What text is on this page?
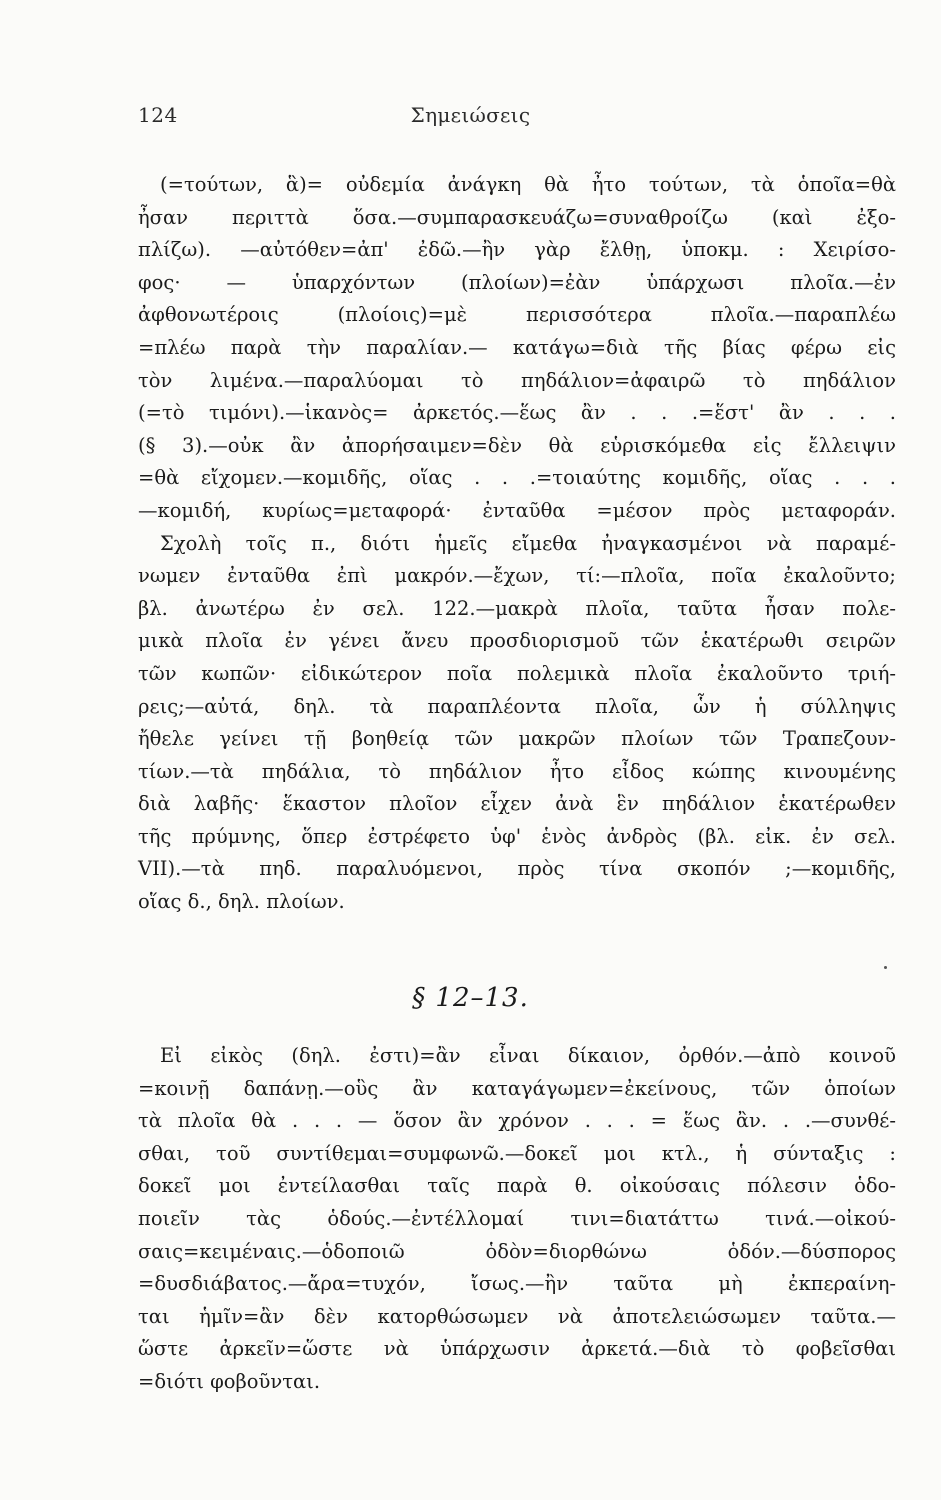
124	Σημειώσεις
(=τούτων, ἃ)= οὐδεμία ἀνάγκη θὰ ἦτο τούτων, τὰ ὁποῖα=θὰ
ἦσαν περιττὰ ὅσα.—συμπαρασκευάζω=συναθροίζω (καὶ ἐξο-
πλίζω). —αὐτόθεν=ἀπ' ἐδῶ.—ἢν γὰρ ἔλθῃ, ὑποκμ. : Χειρίσο-
φος· — ὑπαρχόντων (πλοίων)=ἐὰν ὑπάρχωσι πλοῖα.—ἐν
ἀφθονωτέροις (πλοίοις)=μὲ περισσότερα πλοῖα.—παραπλέω
=πλέω παρὰ τὴν παραλίαν.— κατάγω=διὰ τῆς βίας φέρω εἰς
τὸν λιμένα.—παραλύομαι τὸ πηδάλιον=ἀφαιρῶ τὸ πηδάλιον
(=τὸ τιμόνι).—ἱκανὸς= ἀρκετός.—ἕως ἂν . . .=ἕστ' ἂν . . .
(§ 3).—οὐκ ἂν ἀπορήσαιμεν=δὲν θὰ εὑρισκόμεθα εἰς ἔλλειψιν
=θὰ εἴχομεν.—κομιδῆς, οἵας . . .=τοιαύτης κομιδῆς, οἵας . . .
—κομιδή, κυρίως=μεταφορά· ἐνταῦθα =μέσον πρὸς μεταφοράν.
Σχολὴ τοῖς π., διότι ἡμεῖς εἴμεθα ἠναγκασμένοι νὰ παραμέ-
νωμεν ἐνταῦθα ἐπὶ μακρόν.—ἔχων, τί:—πλοῖα, ποῖα ἐκαλοῦντο;
βλ. ἀνωτέρω ἐν σελ. 122.—μακρὰ πλοῖα, ταῦτα ἦσαν πολε-
μικὰ πλοῖα ἐν γένει ἄνευ προσδιορισμοῦ τῶν ἑκατέρωθι σειρῶν
τῶν κωπῶν· εἰδικώτερον ποῖα πολεμικὰ πλοῖα ἐκαλοῦντο τριή-
ρεις;—αὐτά, δηλ. τὰ παραπλέοντα πλοῖα, ὧν ἡ σύλληψις
ἤθελε γείνει τῇ βοηθείᾳ τῶν μακρῶν πλοίων τῶν Τραπεζουν-
τίων.—τὰ πηδάλια, τὸ πηδάλιον ἦτο εἶδος κώπης κινουμένης
διὰ λαβῆς· ἕκαστον πλοῖον εἶχεν ἀνὰ ἓν πηδάλιον ἑκατέρωθεν
τῆς πρύμνης, ὅπερ ἐστρέφετο ὑφ' ἑνὸς ἀνδρὸς (βλ. εἰκ. ἐν σελ.
VII).—τὰ πηδ. παραλυόμενοι, πρὸς τίνα σκοπόν ;—κομιδῆς,
οἵας δ., δηλ. πλοίων.
§ 12–13.
Εἰ εἰκὸς (δηλ. ἐστι)=ἂν εἶναι δίκαιον, ὀρθόν.—ἀπὸ κοινοῦ
=κοινῇ δαπάνῃ.—οὓς ἂν καταγάγωμεν=ἐκείνους, τῶν ὁποίων
τὰ πλοῖα θὰ . . . — ὅσον ἂν χρόνον . . . = ἕως ἂν. . .—συνθέ-
σθαι, τοῦ συντίθεμαι=συμφωνῶ.—δοκεῖ μοι κτλ., ἡ σύνταξις :
δοκεῖ μοι ἐντείλασθαι ταῖς παρὰ θ. οἰκούσαις πόλεσιν ὁδο-
ποιεῖν τὰς ὁδούς.—ἐντέλλομαί τινι=διατάττω τινά.—οἰκού-
σαις=κειμέναις.—ὁδοποιῶ ὁδὸν=διορθώνω ὁδόν.—δύσπορος
=δυσδιάβατος.—ἄρα=τυχόν, ἴσως.—ἢν ταῦτα μὴ ἐκπεραίνη-
ται ἡμῖν=ἂν δὲν κατορθώσωμεν νὰ ἀποτελειώσωμεν ταῦτα.—
ὥστε ἀρκεῖν=ὥστε νὰ ὑπάρχωσιν ἀρκετά.—διὰ τὸ φοβεῖσθαι
=διότι φοβοῦνται.
